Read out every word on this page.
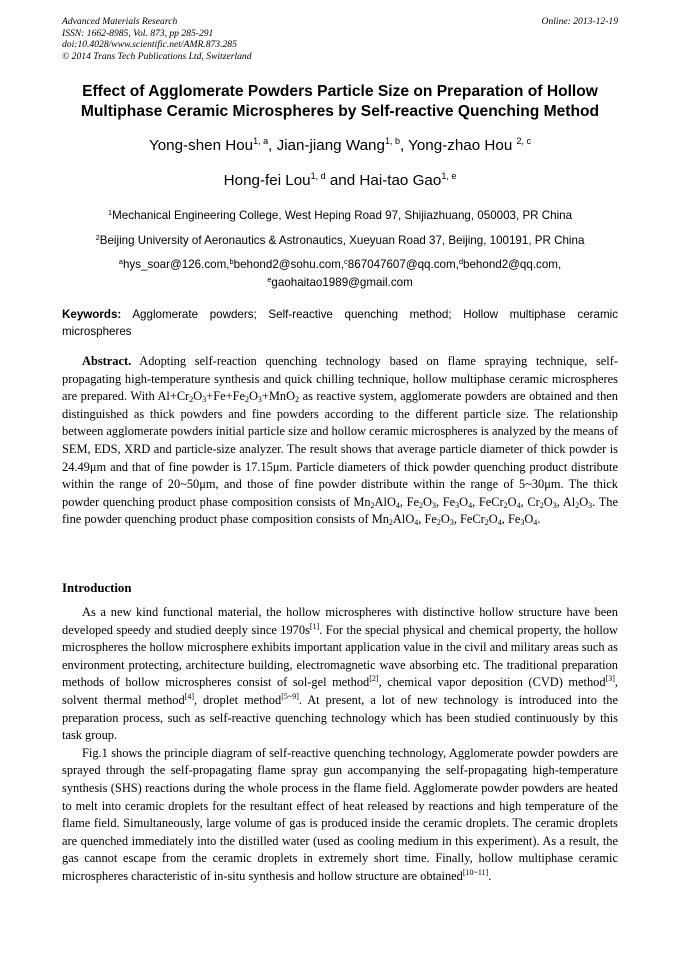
Advanced Materials Research
ISSN: 1662-8985, Vol. 873, pp 285-291
doi:10.4028/www.scientific.net/AMR.873.285
© 2014 Trans Tech Publications Ltd, Switzerland
Online: 2013-12-19
Effect of Agglomerate Powders Particle Size on Preparation of Hollow
Multiphase Ceramic Microspheres by Self-reactive Quenching Method
Yong-shen Hou$^{1, a}$, Jian-jiang Wang$^{1, b}$, Yong-zhao Hou $^{2, c}$
Hong-fei Lou$^{1, d}$ and Hai-tao Gao$^{1, e}$
$^1$Mechanical Engineering College, West Heping Road 97, Shijiazhuang, 050003, PR China
$^2$Beijing University of Aeronautics & Astronautics, Xueyuan Road 37, Beijing, 100191, PR China
$^a$hys_soar@126.com,$^b$behond2@sohu.com,$^c$867047607@qq.com,$^d$behond2@qq.com,
$^e$gaohaitao1989@gmail.com
Keywords: Agglomerate powders; Self-reactive quenching method; Hollow multiphase ceramic microspheres
Abstract. Adopting self-reaction quenching technology based on flame spraying technique, self-propagating high-temperature synthesis and quick chilling technique, hollow multiphase ceramic microspheres are prepared. With $Al+Cr_2O_3+Fe+Fe_2O_3+MnO_2$ as reactive system, agglomerate powders are obtained and then distinguished as thick powders and fine powders according to the different particle size. The relationship between agglomerate powders initial particle size and hollow ceramic microspheres is analyzed by the means of SEM, EDS, XRD and particle-size analyzer. The result shows that average particle diameter of thick powder is 24.49μm and that of fine powder is 17.15μm. Particle diameters of thick powder quenching product distribute within the range of 20~50μm, and those of fine powder distribute within the range of 5~30μm. The thick powder quenching product phase composition consists of $Mn_2AlO_4$, $Fe_2O_3$, $Fe_3O_4$, $FeCr_2O_4$, $Cr_2O_3$, $Al_2O_3$. The fine powder quenching product phase composition consists of $Mn_2AlO_4$, $Fe_2O_3$, $FeCr_2O_4$, $Fe_3O_4$.
Introduction

As a new kind functional material, the hollow microspheres with distinctive hollow structure have been developed speedy and studied deeply since 1970s[1]. For the special physical and chemical property, the hollow microspheres the hollow microsphere exhibits important application value in the civil and military areas such as environment protecting, architecture building, electromagnetic wave absorbing etc. The traditional preparation methods of hollow microspheres consist of sol-gel method[2], chemical vapor deposition (CVD) method[3], solvent thermal method[4], droplet method[5~9]. At present, a lot of new technology is introduced into the preparation process, such as self-reactive quenching technology which has been studied continuously by this task group.

Fig.1 shows the principle diagram of self-reactive quenching technology, Agglomerate powder powders are sprayed through the self-propagating flame spray gun accompanying the self-propagating high-temperature synthesis (SHS) reactions during the whole process in the flame field. Agglomerate powder powders are heated to melt into ceramic droplets for the resultant effect of heat released by reactions and high temperature of the flame field. Simultaneously, large volume of gas is produced inside the ceramic droplets. The ceramic droplets are quenched immediately into the distilled water (used as cooling medium in this experiment). As a result, the gas cannot escape from the ceramic droplets in extremely short time. Finally, hollow multiphase ceramic microspheres characteristic of in-situ synthesis and hollow structure are obtained[10~11].
